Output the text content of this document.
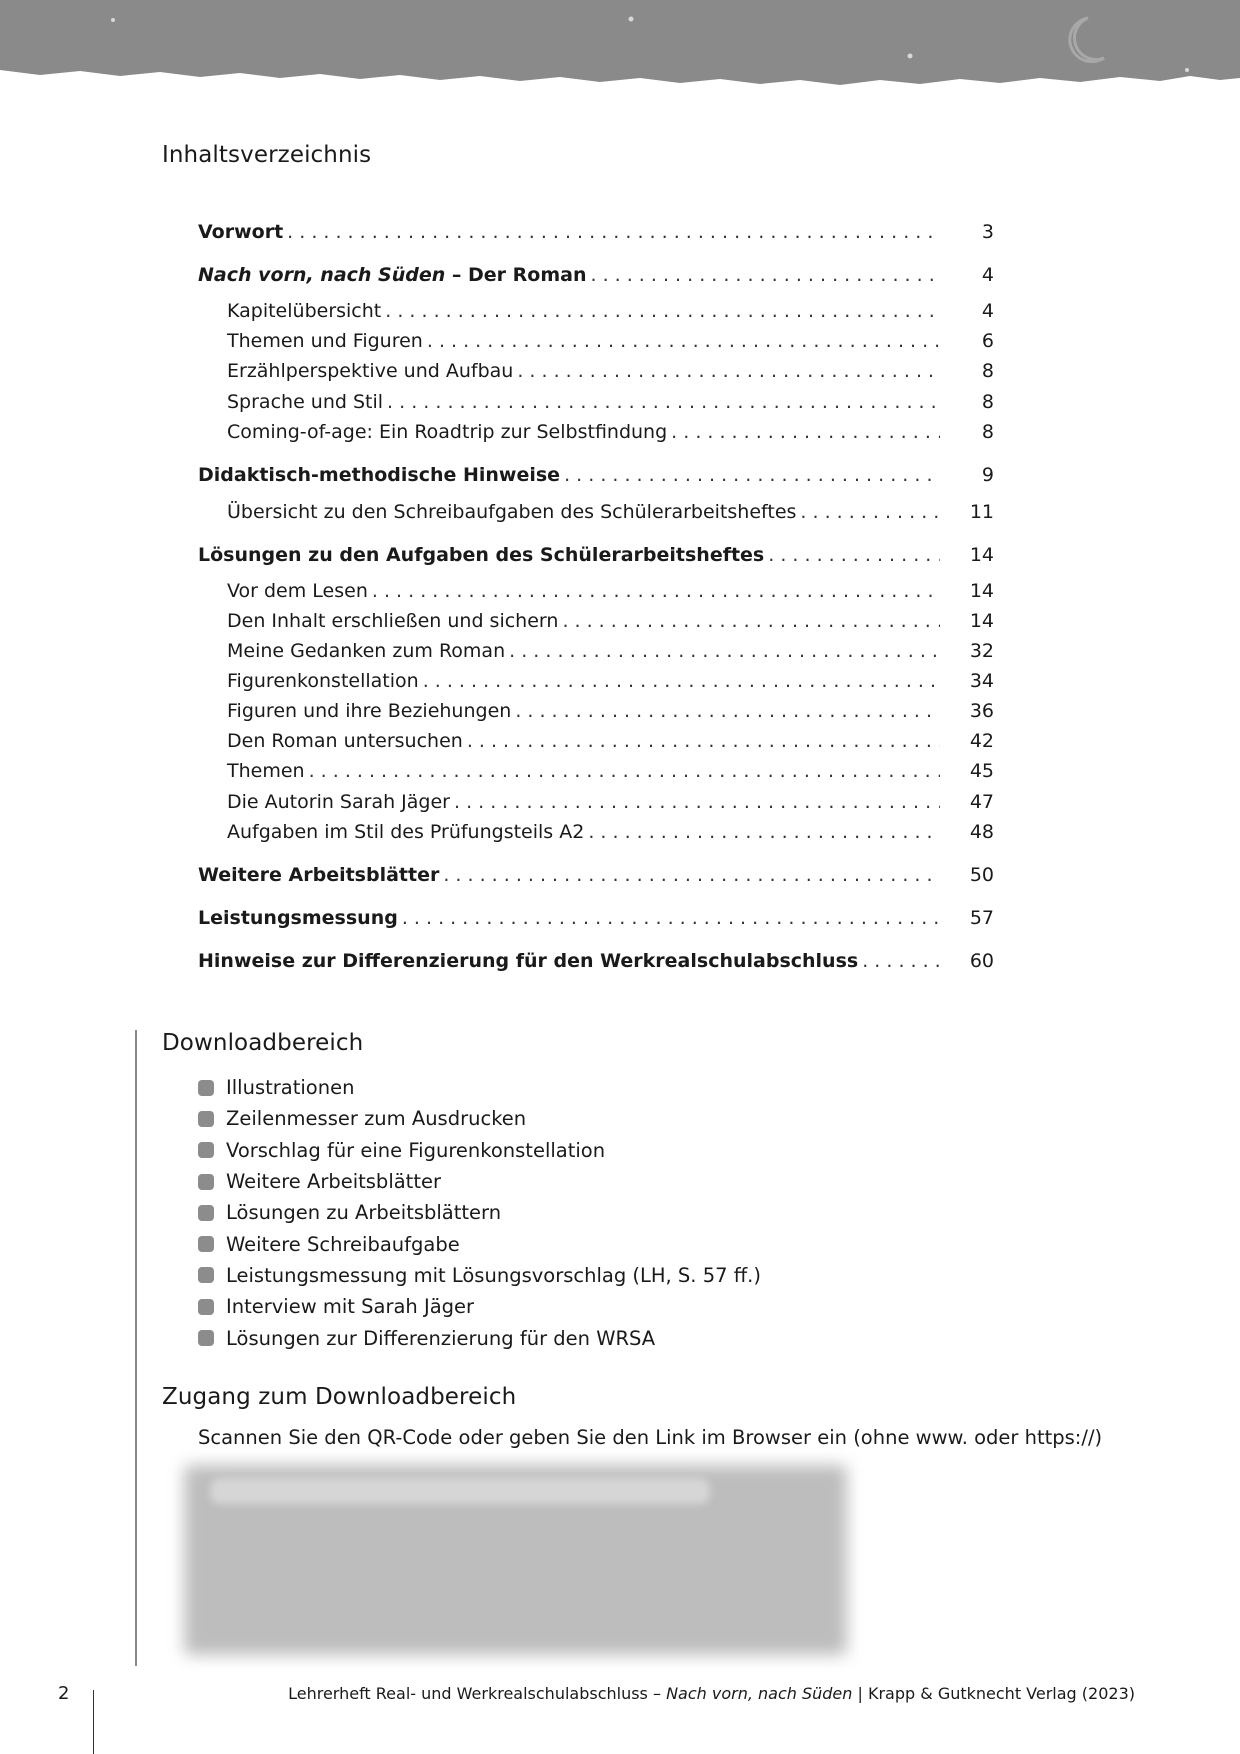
Inhaltsverzeichnis
Vorwort . . .	3
Nach vorn, nach Süden – Der Roman . . .	4
Kapitelübersicht . . .	4
Themen und Figuren . . .	6
Erzählperspektive und Aufbau . . .	8
Sprache und Stil . . .	8
Coming-of-age: Ein Roadtrip zur Selbstfindung . . .	8
Didaktisch-methodische Hinweise . . .	9
Übersicht zu den Schreibaufgaben des Schülerarbeitsheftes . . .	11
Lösungen zu den Aufgaben des Schülerarbeitsheftes . . .	14
Vor dem Lesen . . .	14
Den Inhalt erschließen und sichern . . .	14
Meine Gedanken zum Roman . . .	32
Figurenkonstellation . . .	34
Figuren und ihre Beziehungen . . .	36
Den Roman untersuchen . . .	42
Themen . . .	45
Die Autorin Sarah Jäger . . .	47
Aufgaben im Stil des Prüfungsteils A2 . . .	48
Weitere Arbeitsblätter . . .	50
Leistungsmessung . . .	57
Hinweise zur Differenzierung für den Werkrealschulabschluss . . .	60
Downloadbereich
Illustrationen
Zeilenmesser zum Ausdrucken
Vorschlag für eine Figurenkonstellation
Weitere Arbeitsblätter
Lösungen zu Arbeitsblättern
Weitere Schreibaufgabe
Leistungsmessung mit Lösungsvorschlag (LH, S. 57 ff.)
Interview mit Sarah Jäger
Lösungen zur Differenzierung für den WRSA
Zugang zum Downloadbereich
Scannen Sie den QR-Code oder geben Sie den Link im Browser ein (ohne www. oder https://)
2	Lehrerheft Real- und Werkrealschulabschluss – Nach vorn, nach Süden | Krapp & Gutknecht Verlag (2023)
